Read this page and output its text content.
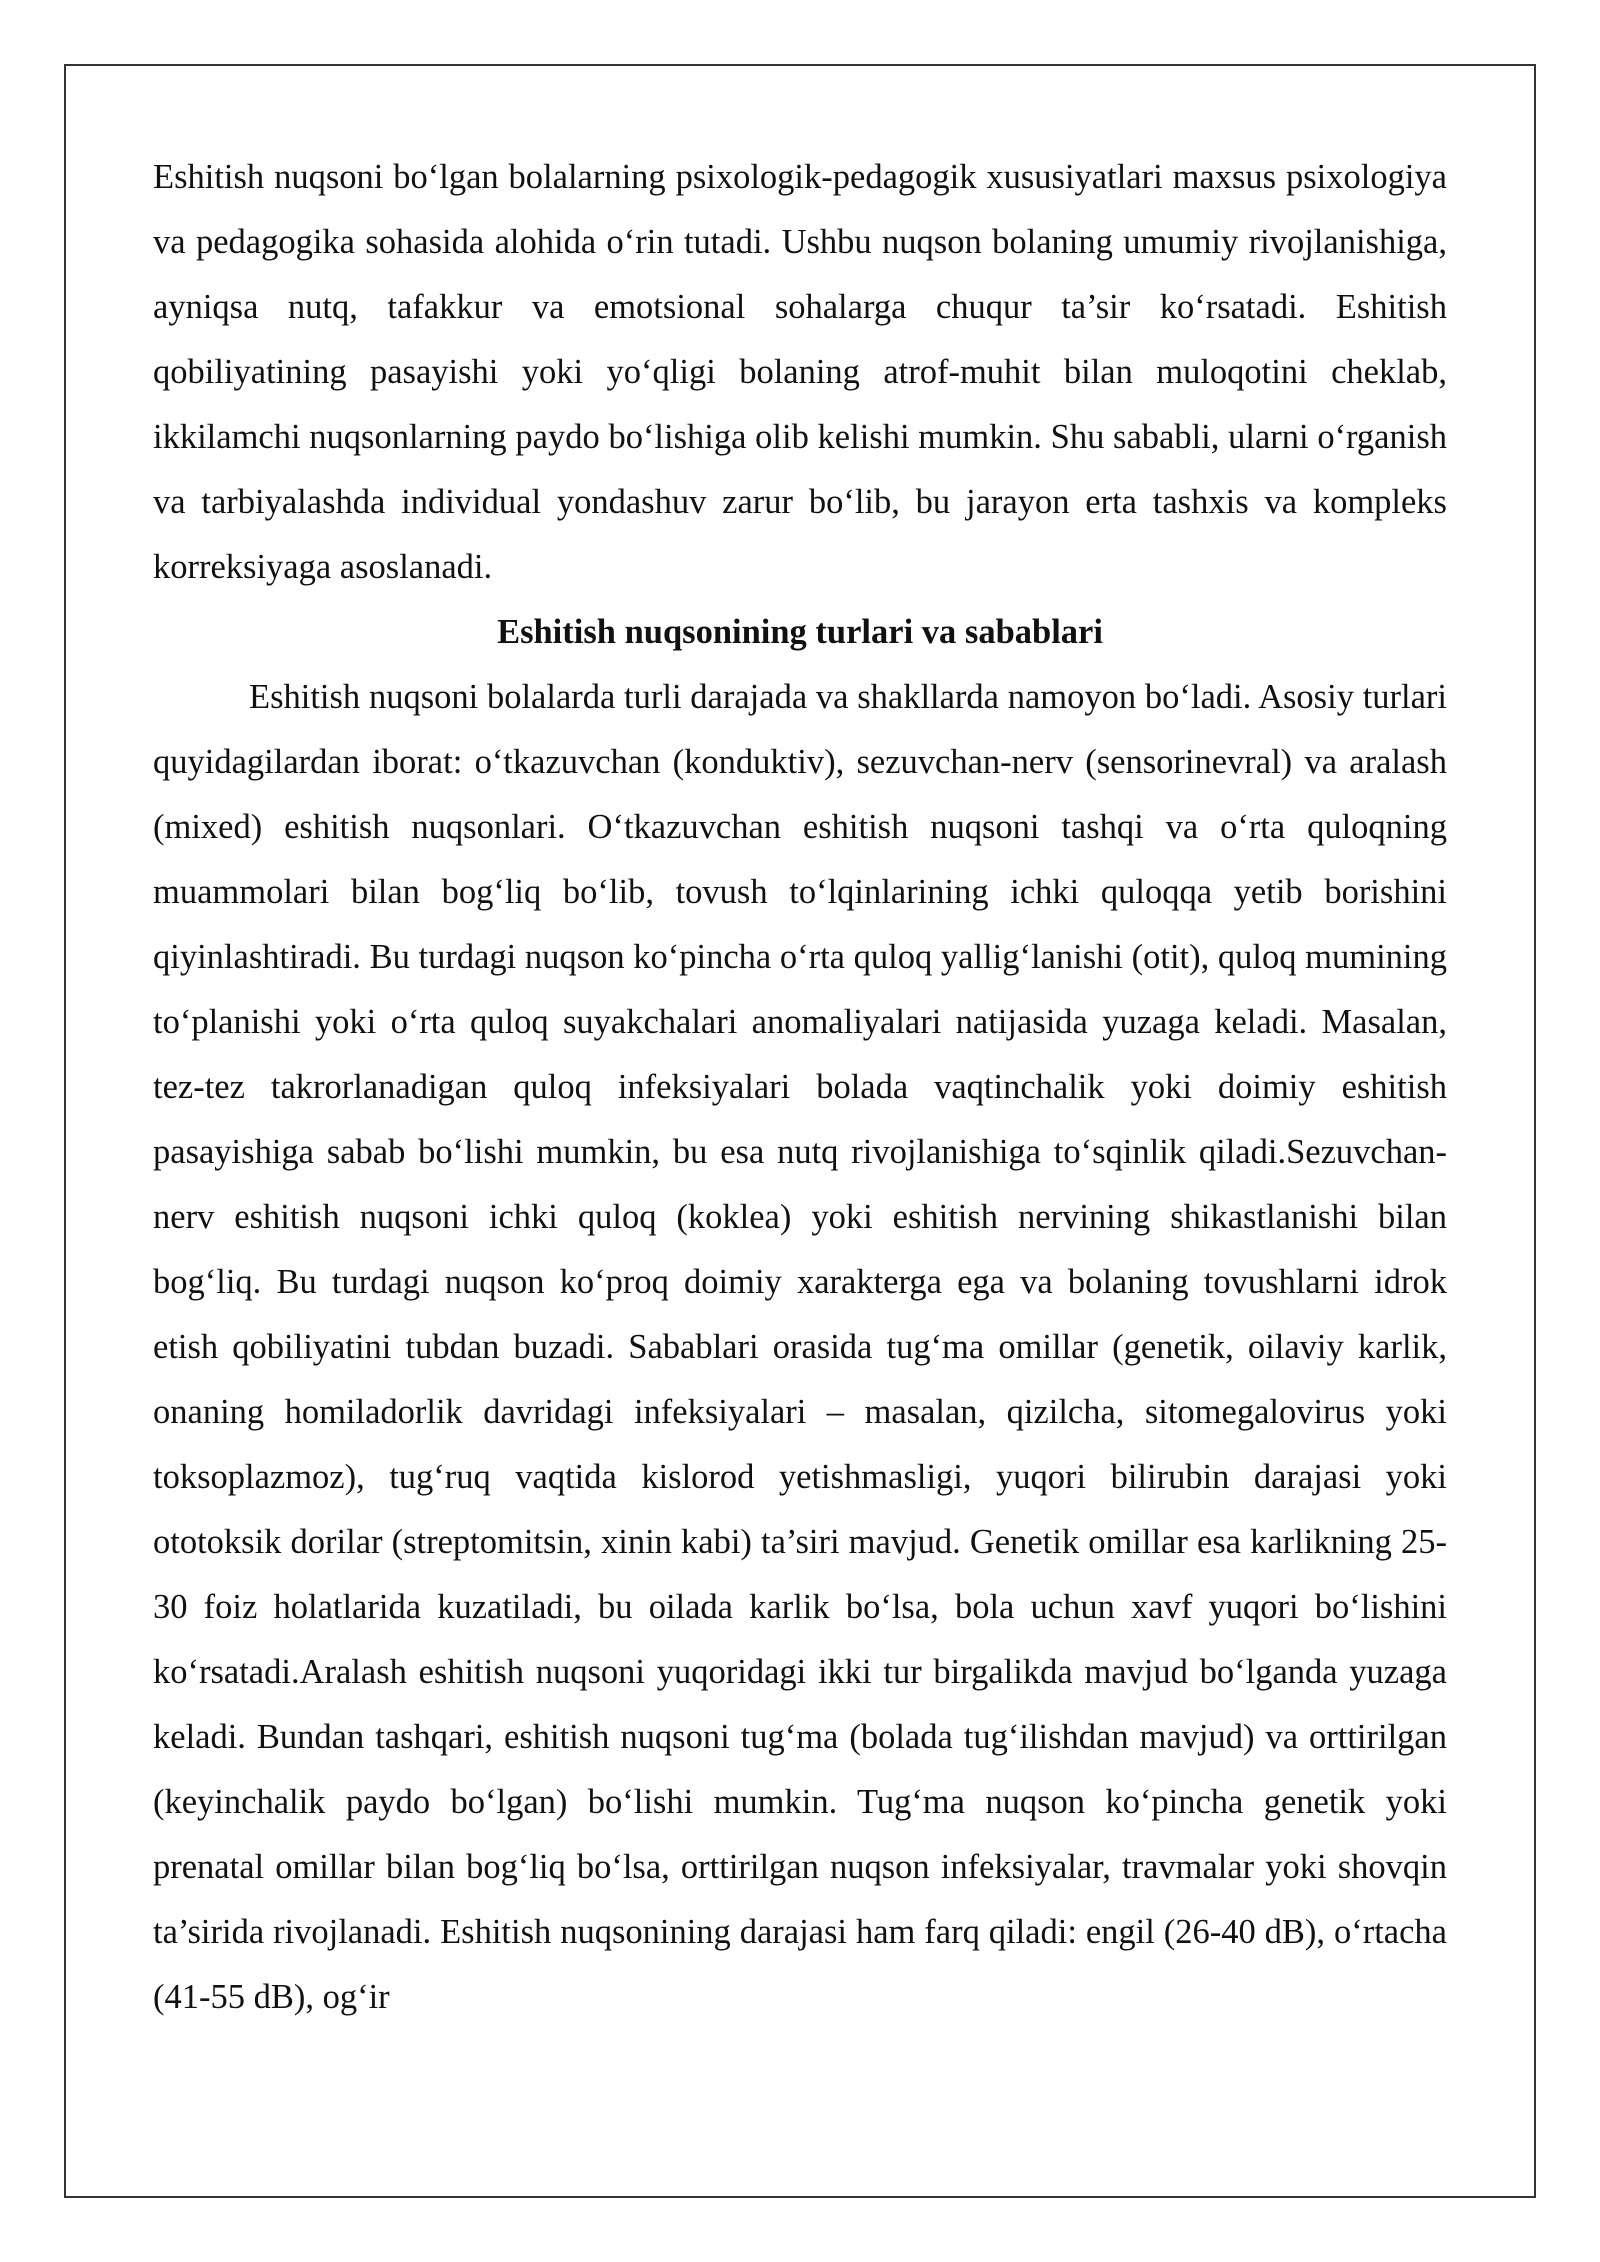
Eshitish nuqsoni bo‘lgan bolalarning psixologik-pedagogik xususiyatlari maxsus psixologiya va pedagogika sohasida alohida o‘rin tutadi. Ushbu nuqson bolaning umumiy rivojlanishiga, ayniqsa nutq, tafakkur va emotsional sohalarga chuqur ta’sir ko‘rsatadi. Eshitish qobiliyatining pasayishi yoki yo‘qligi bolaning atrof-muhit bilan muloqotini cheklab, ikkilamchi nuqsonlarning paydo bo‘lishiga olib kelishi mumkin. Shu sababli, ularni o‘rganish va tarbiyalashda individual yondashuv zarur bo‘lib, bu jarayon erta tashxis va kompleks korreksiyaga asoslanadi.

Eshitish nuqsonining turlari va sabablari

Eshitish nuqsoni bolalarda turli darajada va shakllarda namoyon bo‘ladi. Asosiy turlari quyidagilardan iborat: o‘tkazuvchan (konduktiv), sezuvchan-nerv (sensorinevral) va aralash (mixed) eshitish nuqsonlari. O‘tkazuvchan eshitish nuqsoni tashqi va o‘rta quloqning muammolari bilan bog‘liq bo‘lib, tovush to‘lqinlarining ichki quloqqa yetib borishini qiyinlashtiradi. Bu turdagi nuqson ko‘pincha o‘rta quloq yallig‘lanishi (otit), quloq mumining to‘planishi yoki o‘rta quloq suyakchalari anomaliyalari natijasida yuzaga keladi. Masalan, tez-tez takrorlanadigan quloq infeksiyalari bolada vaqtinchalik yoki doimiy eshitish pasayishiga sabab bo‘lishi mumkin, bu esa nutq rivojlanishiga to‘sqinlik qiladi.Sezuvchan-nerv eshitish nuqsoni ichki quloq (koklea) yoki eshitish nervining shikastlanishi bilan bog‘liq. Bu turdagi nuqson ko‘proq doimiy xarakterga ega va bolaning tovushlarni idrok etish qobiliyatini tubdan buzadi. Sabablari orasida tug‘ma omillar (genetik, oilaviy karlik, onaning homiladorlik davridagi infeksiyalari – masalan, qizilcha, sitomegalovirus yoki toksoplazmoz), tug‘ruq vaqtida kislorod yetishmasligi, yuqori bilirubin darajasi yoki ototoksik dorilar (streptomitsin, xinin kabi) ta’siri mavjud. Genetik omillar esa karlikning 25-30 foiz holatlarida kuzatiladi, bu oilada karlik bo‘lsa, bola uchun xavf yuqori bo‘lishini ko‘rsatadi.Aralash eshitish nuqsoni yuqoridagi ikki tur birgalikda mavjud bo‘lganda yuzaga keladi. Bundan tashqari, eshitish nuqsoni tug‘ma (bolada tug‘ilishdan mavjud) va orttirilgan (keyinchalik paydo bo‘lgan) bo‘lishi mumkin. Tug‘ma nuqson ko‘pincha genetik yoki prenatal omillar bilan bog‘liq bo‘lsa, orttirilgan nuqson infeksiyalar, travmalar yoki shovqin ta’sirida rivojlanadi. Eshitish nuqsonining darajasi ham farq qiladi: engil (26-40 dB), o‘rtacha (41-55 dB), og‘ir
